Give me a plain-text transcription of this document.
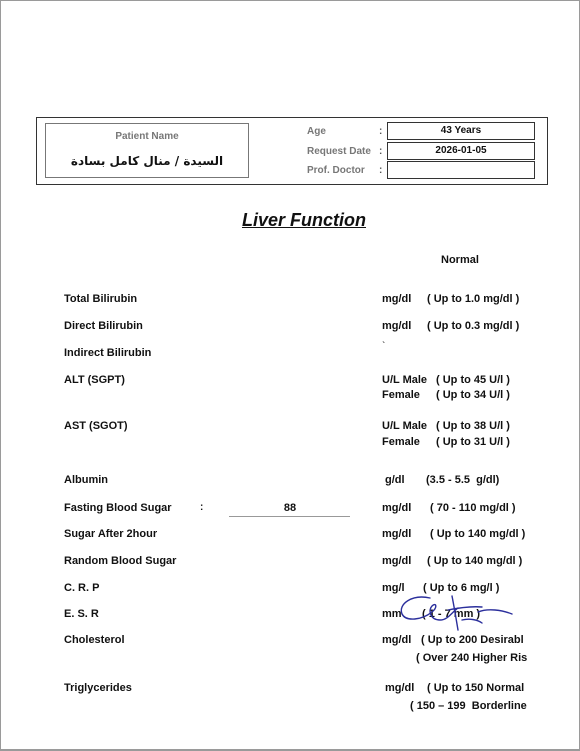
Patient Name
السيدة / منال كامل بسادة
Age	:	43 Years
Request Date :	2026-01-05
Prof. Doctor :
Liver Function
Normal
Total Bilirubin	mg/dl ( Up to 1.0 mg/dl )
Direct Bilirubin	mg/dl ( Up to 0.3 mg/dl )
Indirect Bilirubin
`
ALT (SGPT)	U/L Male ( Up to 45 U/l )
Female ( Up to 34 U/l )
AST (SGOT)	U/L Male ( Up to 38 U/l )
Female ( Up to 31 U/l )
Albumin	g/dl (3.5 - 5.5  g/dl)
Fasting Blood Sugar	:	88	mg/dl ( 70 - 110 mg/dl )
Sugar After 2hour	mg/dl ( Up to 140 mg/dl )
Random Blood Sugar	mg/dl ( Up to 140 mg/dl )
C. R. P	mg/l ( Up to 6 mg/l )
E. S. R	mm ( 1 - 7 mm )
Cholesterol	mg/dl ( Up to 200 Desirabl
( Over 240 Higher Ris
Triglycerides	mg/dl ( Up to 150 Normal
( 150 – 199  Borderline
